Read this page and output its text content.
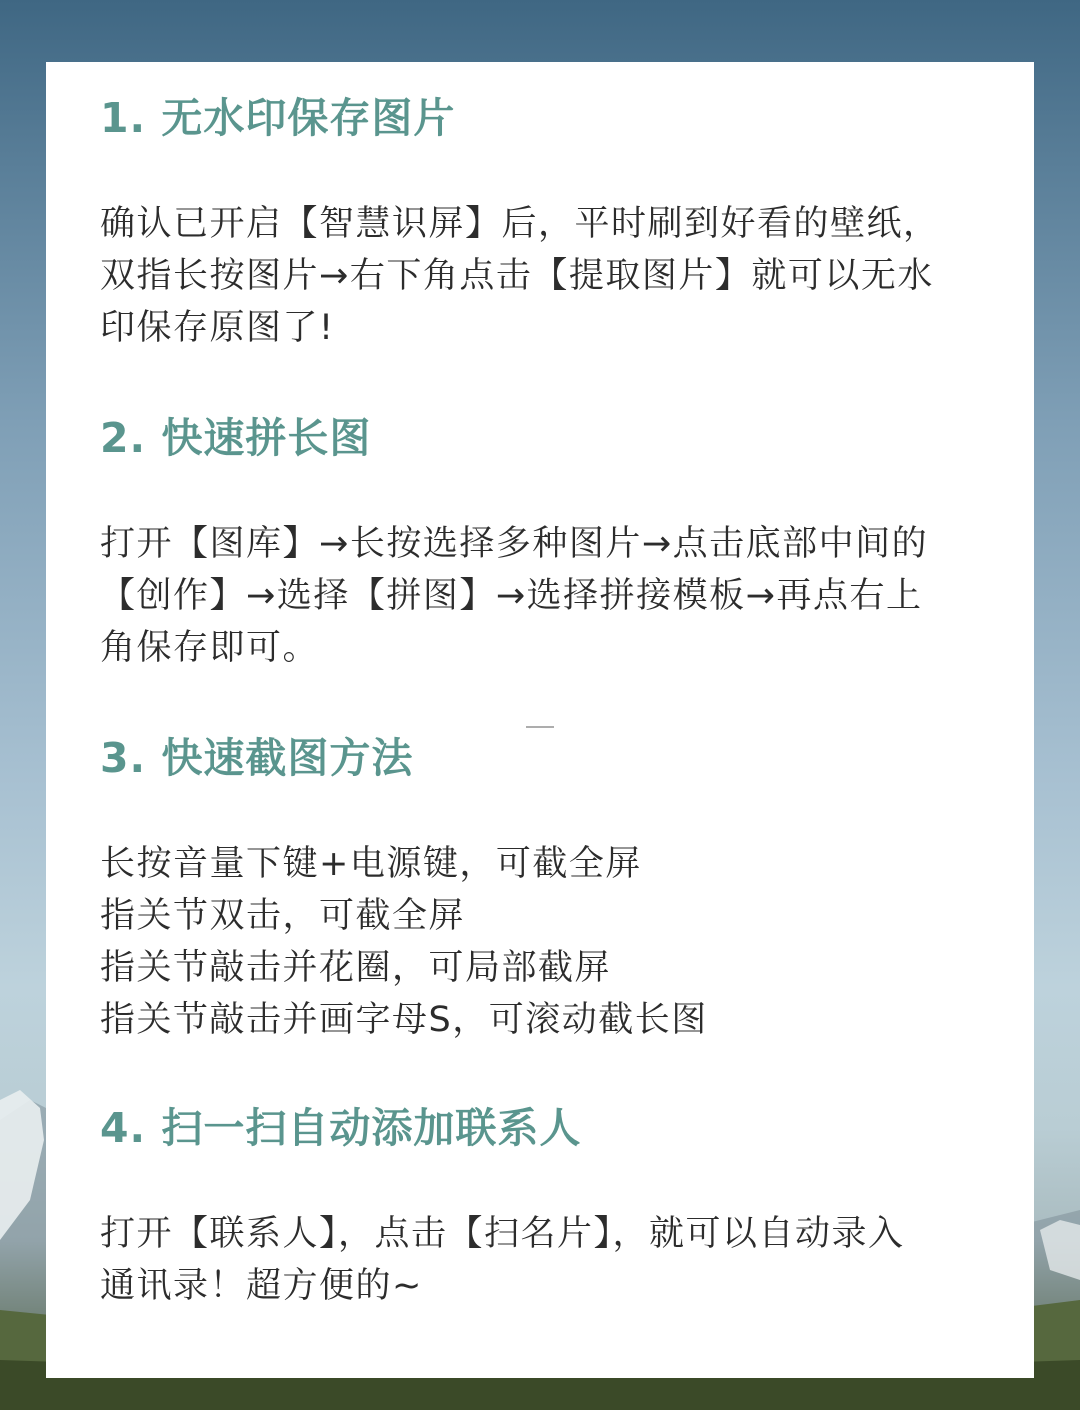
1. 无水印保存图片
确认已开启【智慧识屏】后，平时刷到好看的壁纸，
双指长按图片→右下角点击【提取图片】就可以无水
印保存原图了!
2. 快速拼长图
打开【图库】→长按选择多种图片→点击底部中间的
【创作】→选择【拼图】→选择拼接模板→再点右上
角保存即可。
3. 快速截图方法
长按音量下键+电源键，可截全屏
指关节双击，可截全屏
指关节敲击并花圈，可局部截屏
指关节敲击并画字母S，可滚动截长图
4. 扫一扫自动添加联系人
打开【联系人】，点击【扫名片】，就可以自动录入
通讯录！超方便的~
